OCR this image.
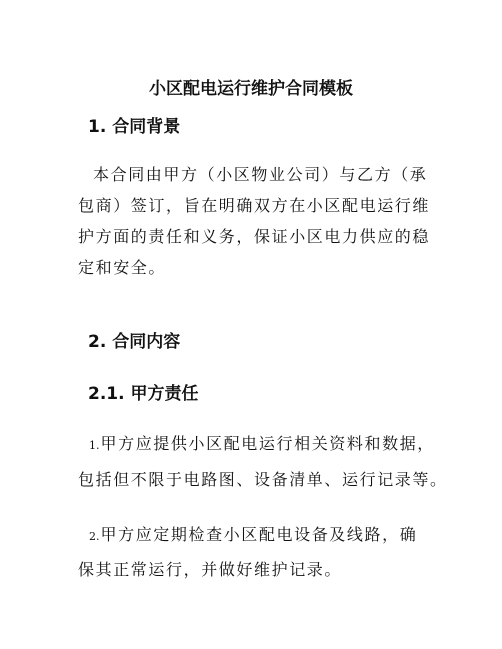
小区配电运行维护合同模板
1. 合同背景
本合同由甲方（小区物业公司）与乙方（承
包商）签订，旨在明确双方在小区配电运行维
护方面的责任和义务，保证小区电力供应的稳
定和安全。
2. 合同内容
2.1. 甲方责任
1.甲方应提供小区配电运行相关资料和数据，
包括但不限于电路图、设备清单、运行记录等。
2.甲方应定期检查小区配电设备及线路，确
保其正常运行，并做好维护记录。
